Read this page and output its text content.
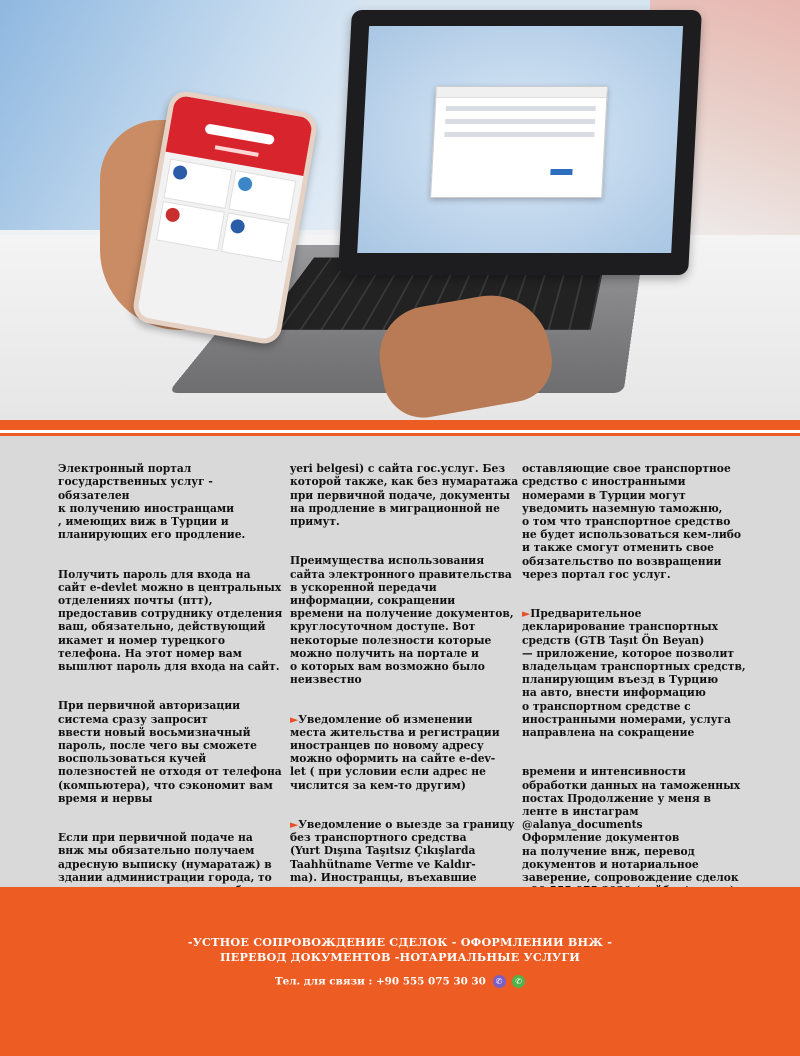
Электронный портал
государственных услуг - обязателен
к получению иностранцами
, имеющих виж в Турции и
планирующих его продление.

Получить пароль для входа на
сайт e-devlet можно в центральных
отделениях почты (птт),
предоставив сотруднику отделения
ваш, обязательно, действующий
икамет и номер турецкого
телефона. На этот номер вам
вышлют пароль для входа на сайт.

При первичной авторизации
система сразу запросит
ввести новый восьмизначный
пароль, после чего вы сможете
воспользоваться кучей
полезностей не отходя от телефона
(компьютера), что сэкономит вам
время и нервы

Если при первичной подаче на
внж мы обязательно получаем
адресную выписку (нумаратаж) в
здании администрации города, то

yeri belgesi) с сайта гос.услуг. Без
которой также, как без нумаратажа
при первичной подаче, документы
на продление в миграционной не
примут.

Преимущества использования
сайта электронного правительства
в ускоренной передачи
информации, сокращении
времени на получение документов,
круглосуточном доступе. Вот
некоторые полезности которые
можно получить на портале и
о которых вам возможно было
неизвестно

►Уведомление об изменении
места жительства и регистрации
иностранцев по новому адресу
можно оформить на сайте e-dev-
let ( при условии если адрес не
числится за кем-то другим)

►Уведомление о выезде за границу
без транспортного средства
(Yurt Dışına Taşıtsız Çıkışlarda
Taahhütname Verme ve Kaldır-
ma). Иностранцы, въехавшие

оставляющие свое транспортное
средство с иностранными
номерами в Турции могут
уведомить наземную таможню,
о том что транспортное средство
не будет использоваться кем-либо
и также смогут отменить свое
обязательство по возвращении
через портал гос услуг.

►Предварительное
декларирование транспортных
средств (GTB Taşıt Ön Beyan)
— приложение, которое позволит
владельцам транспортных средств,
планирующим въезд в Турцию
на авто, внести информацию
о транспортном средстве с
иностранными номерами, услуга
направлена на сокращение

времени и интенсивности
обработки данных на таможенных
постах Продолжение у меня в
ленте в инстаграм
@alanya_documents
Оформление документов
на получение внж, перевод
документов и нотариальное
заверение, сопровождение сделок

-УСТНОЕ СОПРОВОЖДЕНИЕ СДЕЛОК - ОФОРМЛЕНИИ ВНЖ -
ПЕРЕВОД ДОКУМЕНТОВ -НОТАРИАЛЬНЫЕ УСЛУГИ
Тел. для связи : +90 555 075 30 30 ✆ ✆
